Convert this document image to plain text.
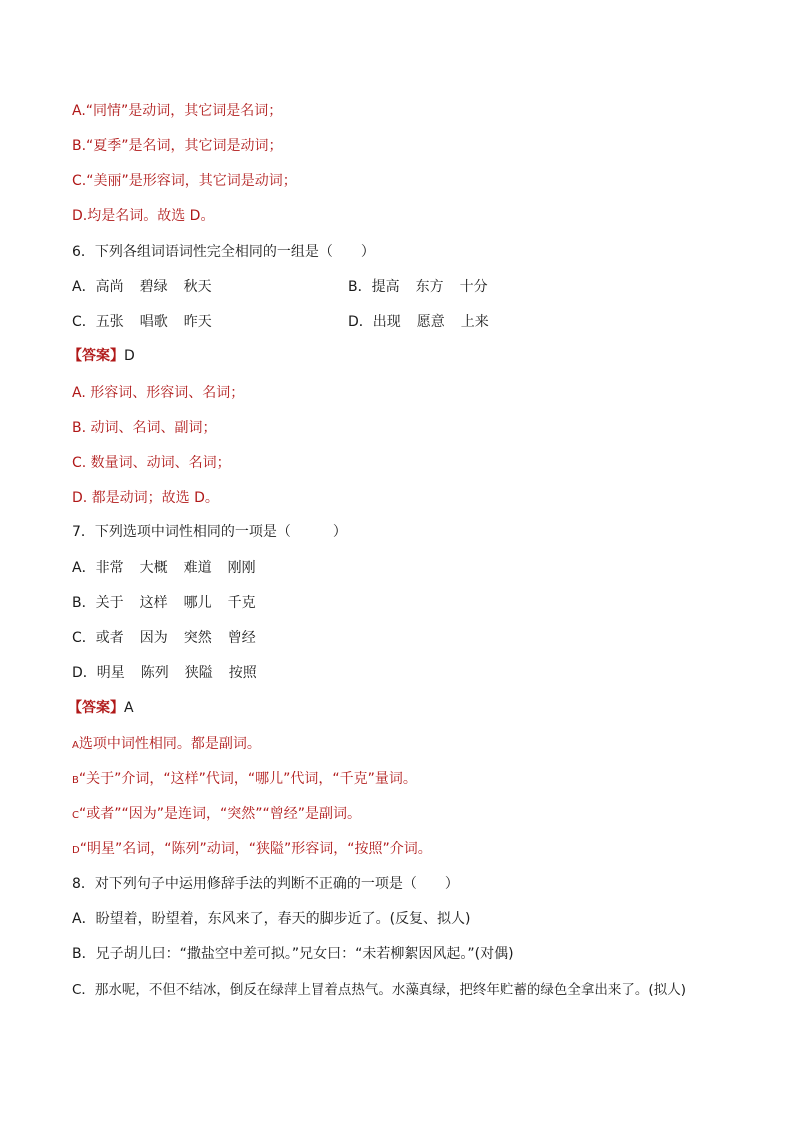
A.“同情”是动词，其它词是名词；
B.“夏季”是名词，其它词是动词；
C.“美丽”是形容词，其它词是动词；
D.均是名词。故选 D。
6．下列各组词语词性完全相同的一组是（　　）
A．高尚 碧绿 秋天	B．提高 东方 十分
C．五张 唱歌 昨天	D．出现 愿意 上来
【答案】D
A. 形容词、形容词、名词；
B. 动词、名词、副词；
C. 数量词、动词、名词；
D. 都是动词；故选 D。
7．下列选项中词性相同的一项是（　　　）
A．非常 大概 难道 刚刚
B．关于 这样 哪儿 千克
C．或者 因为 突然 曾经
D．明星 陈列 狭隘 按照
【答案】A
A选项中词性相同。都是副词。
B“关于”介词，“这样”代词，“哪儿”代词，“千克”量词。
C“或者”“因为”是连词，“突然”“曾经”是副词。
D“明星”名词，“陈列”动词，“狭隘”形容词，“按照”介词。
8．对下列句子中运用修辞手法的判断不正确的一项是（　　）
A．盼望着，盼望着，东风来了，春天的脚步近了。(反复、拟人)
B．兄子胡儿曰：“撒盐空中差可拟。”兄女曰：“未若柳絮因风起。”(对偶)
C．那水呢，不但不结冰，倒反在绿萍上冒着点热气。水藻真绿，把终年贮蓄的绿色全拿出来了。(拟人)
